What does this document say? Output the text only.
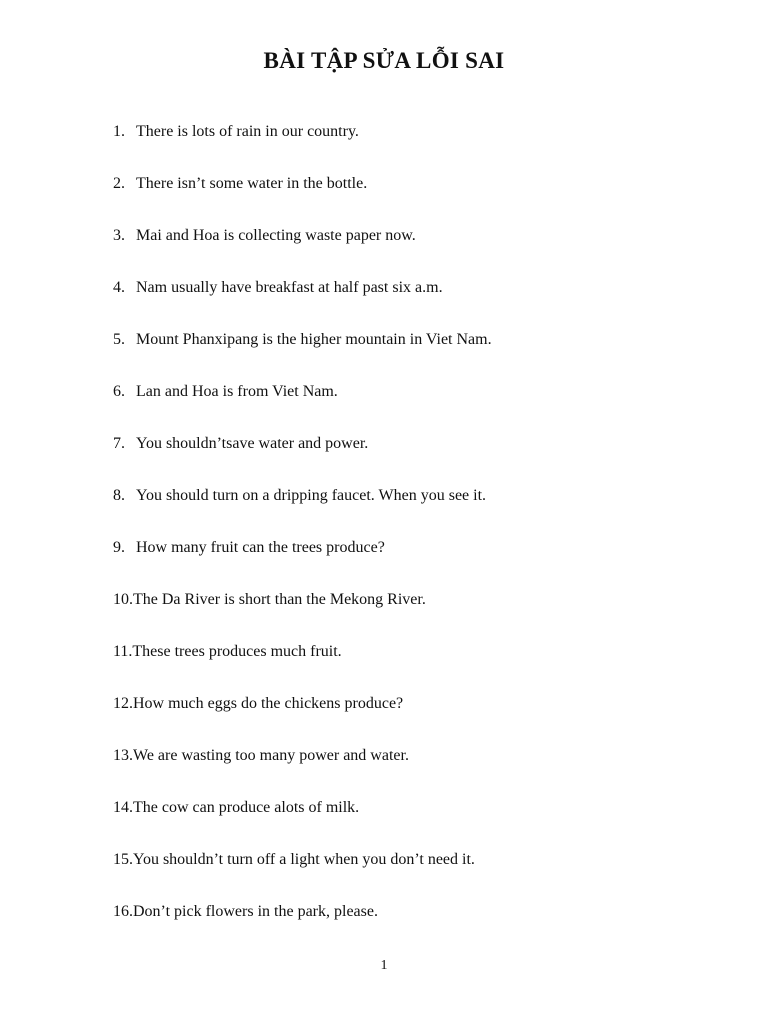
BÀI TẬP SỬA LỖI SAI
1. There is lots of rain in our country.
2. There isn’t some water in the bottle.
3. Mai and Hoa is collecting waste paper now.
4. Nam usually have breakfast at half past six a.m.
5. Mount Phanxipang is the higher mountain in Viet Nam.
6. Lan and Hoa is from Viet Nam.
7. You shouldn’tsave water and power.
8. You should turn on a dripping faucet. When you see it.
9. How many fruit can the trees produce?
10. The Da River is short than the Mekong River.
11. These trees produces much fruit.
12. How much eggs do the chickens produce?
13. We are wasting too many power and water.
14. The cow can produce alots of milk.
15. You shouldn’t turn off a light when you don’t need it.
16. Don’t pick flowers in the park, please.
1
